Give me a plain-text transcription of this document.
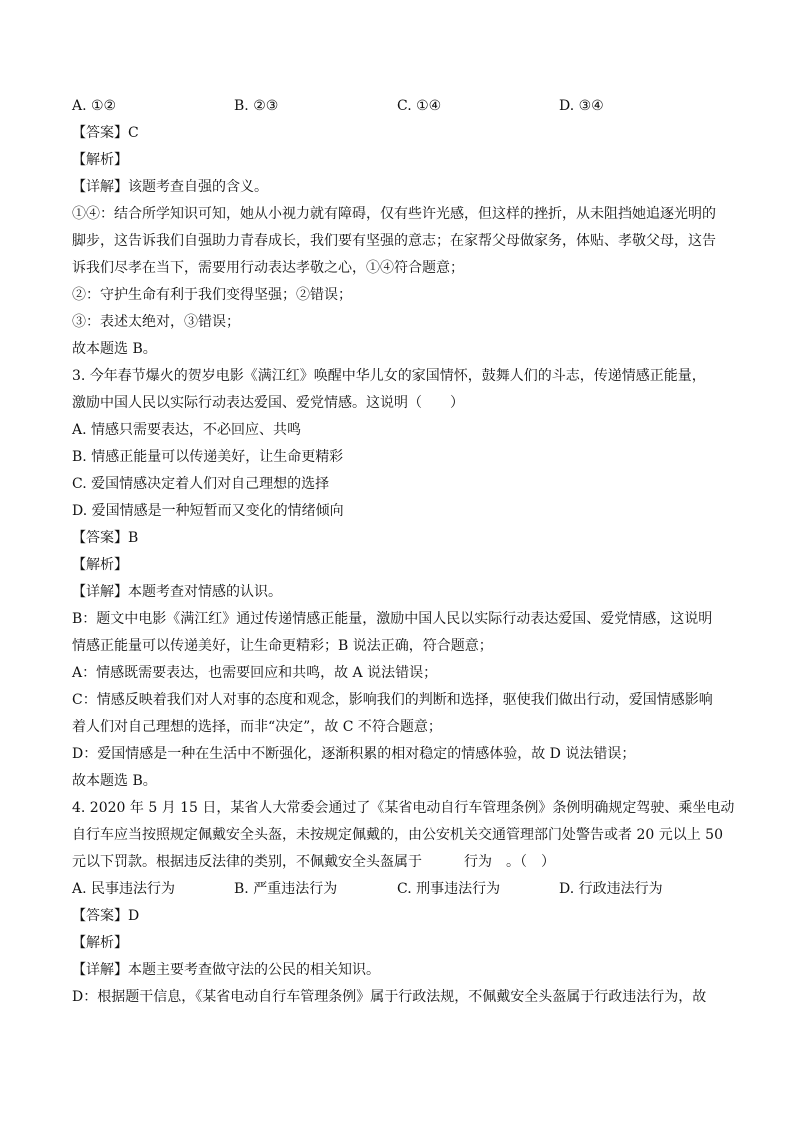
A. ①②	B. ②③	C. ①④	D. ③④
【答案】C
【解析】
【详解】该题考查自强的含义。
①④：结合所学知识可知，她从小视力就有障碍，仅有些许光感，但这样的挫折，从未阻挡她追逐光明的
脚步，这告诉我们自强助力青春成长，我们要有坚强的意志；在家帮父母做家务，体贴、孝敬父母，这告
诉我们尽孝在当下，需要用行动表达孝敬之心，①④符合题意；
②：守护生命有利于我们变得坚强；②错误；
③：表述太绝对，③错误；
故本题选 B。
3. 今年春节爆火的贺岁电影《满江红》唤醒中华儿女的家国情怀，鼓舞人们的斗志，传递情感正能量，
激励中国人民以实际行动表达爱国、爱党情感。这说明（　　）
A. 情感只需要表达，不必回应、共鸣
B. 情感正能量可以传递美好，让生命更精彩
C. 爱国情感决定着人们对自己理想的选择
D. 爱国情感是一种短暂而又变化的情绪倾向
【答案】B
【解析】
【详解】本题考查对情感的认识。
B：题文中电影《满江红》通过传递情感正能量，激励中国人民以实际行动表达爱国、爱党情感，这说明
情感正能量可以传递美好，让生命更精彩；B 说法正确，符合题意；
A：情感既需要表达，也需要回应和共鸣，故 A 说法错误；
C：情感反映着我们对人对事的态度和观念，影响我们的判断和选择，驱使我们做出行动，爱国情感影响
着人们对自己理想的选择，而非“决定”，故 C 不符合题意；
D：爱国情感是一种在生活中不断强化，逐渐积累的相对稳定的情感体验，故 D 说法错误；
故本题选 B。
4. 2020 年 5 月 15 日，某省人大常委会通过了《某省电动自行车管理条例》条例明确规定驾驶、乘坐电动
自行车应当按照规定佩戴安全头盔，未按规定佩戴的，由公安机关交通管理部门处警告或者 20 元以上 50
元以下罚款。根据违反法律的类别，不佩戴安全头盔属于　　　行为　。（　）
A. 民事违法行为	B. 严重违法行为	C. 刑事违法行为	D. 行政违法行为
【答案】D
【解析】
【详解】本题主要考查做守法的公民的相关知识。
D：根据题干信息，《某省电动自行车管理条例》属于行政法规，不佩戴安全头盔属于行政违法行为，故
